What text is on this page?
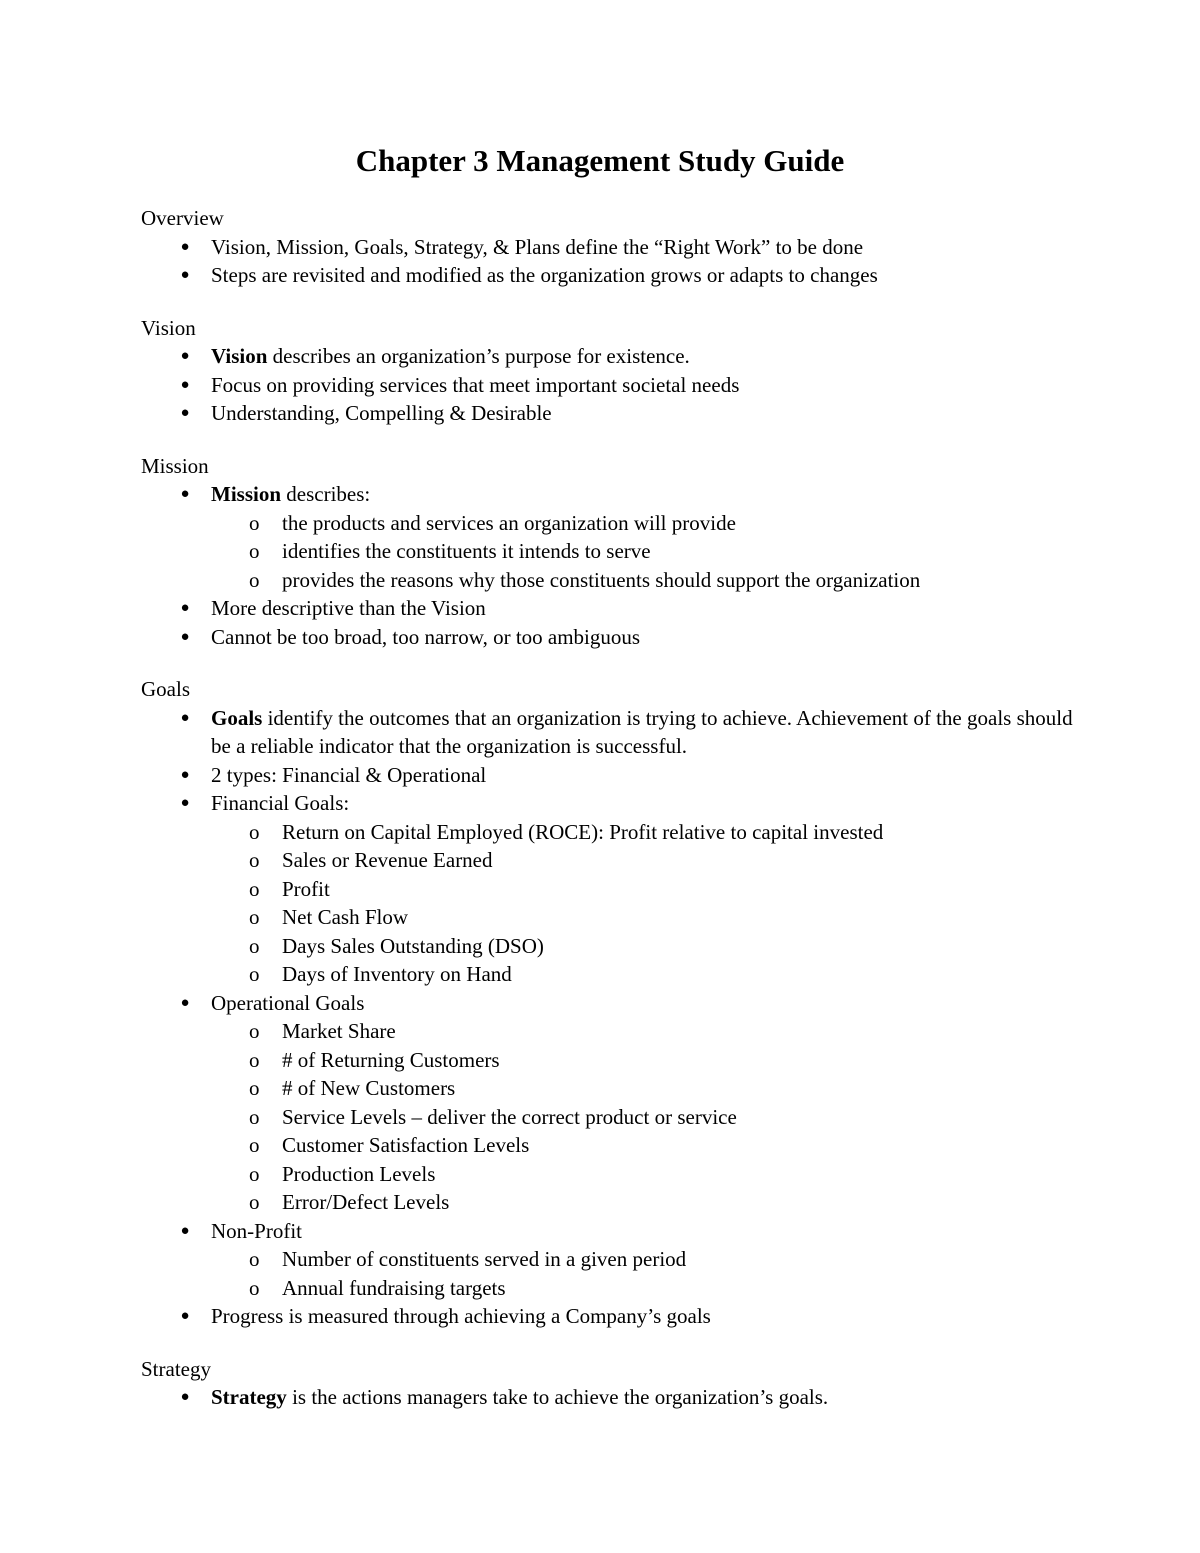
Chapter 3 Management Study Guide
Overview
● Vision, Mission, Goals, Strategy, & Plans define the “Right Work” to be done
● Steps are revisited and modified as the organization grows or adapts to changes
Vision
● Vision describes an organization’s purpose for existence.
● Focus on providing services that meet important societal needs
● Understanding, Compelling & Desirable
Mission
● Mission describes:
o	the products and services an organization will provide
o	identifies the constituents it intends to serve
o	provides the reasons why those constituents should support the organization
● More descriptive than the Vision
● Cannot be too broad, too narrow, or too ambiguous
Goals
● Goals identify the outcomes that an organization is trying to achieve. Achievement of the goals should be a reliable indicator that the organization is successful.
● 2 types: Financial & Operational
● Financial Goals:
o	Return on Capital Employed (ROCE): Profit relative to capital invested
o	Sales or Revenue Earned
o	Profit
o	Net Cash Flow
o	Days Sales Outstanding (DSO)
o	Days of Inventory on Hand
● Operational Goals
o	Market Share
o	# of Returning Customers
o	# of New Customers
o	Service Levels – deliver the correct product or service
o	Customer Satisfaction Levels
o	Production Levels
o	Error/Defect Levels
● Non-Profit
o	Number of constituents served in a given period
o	Annual fundraising targets
● Progress is measured through achieving a Company’s goals
Strategy
● Strategy is the actions managers take to achieve the organization’s goals.
